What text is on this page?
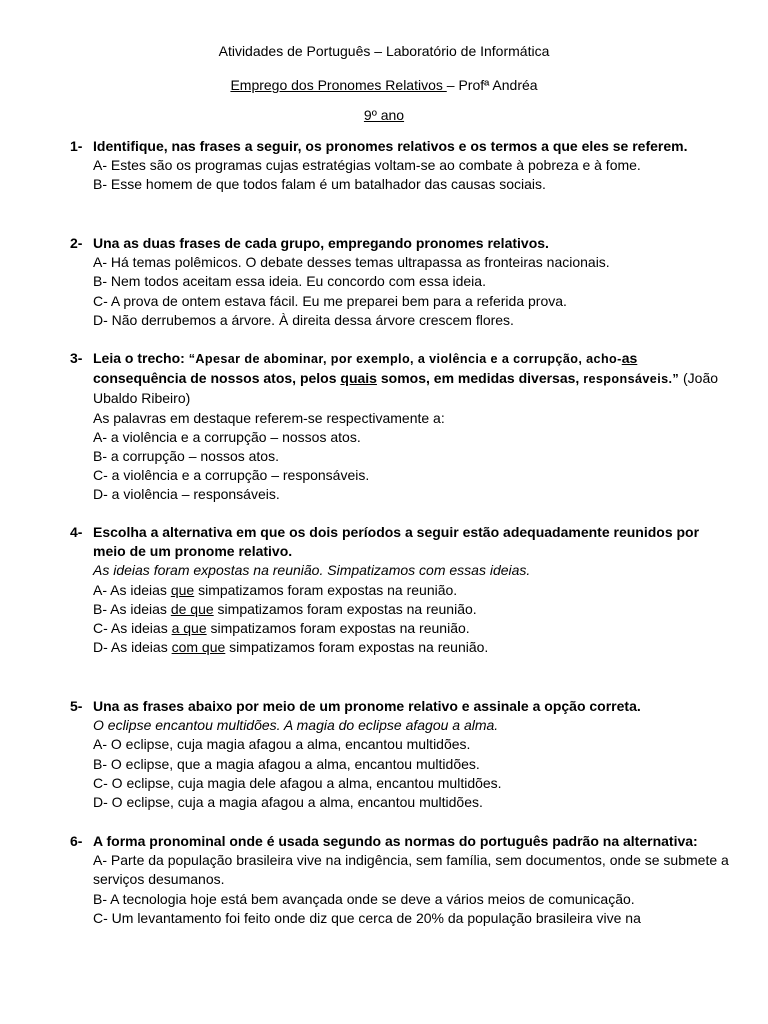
Atividades de Português – Laboratório de Informática

Emprego dos Pronomes Relativos – Profª Andréa

9º ano

1- Identifique, nas frases a seguir, os pronomes relativos e os termos a que eles se referem.

A- Estes são os programas cujas estratégias voltam-se ao combate à pobreza e à fome.

B- Esse homem de que todos falam é um batalhador das causas sociais.

2- Una as duas frases de cada grupo, empregando pronomes relativos.

A- Há temas polêmicos. O debate desses temas ultrapassa as fronteiras nacionais.

B- Nem todos aceitam essa ideia. Eu concordo com essa ideia.

C- A prova de ontem estava fácil. Eu me preparei bem para a referida prova.

D- Não derrubemos a árvore. À direita dessa árvore crescem flores.

3- Leia o trecho: “Apesar de abominar, por exemplo, a violência e a corrupção, acho-as consequência de nossos atos, pelos quais somos, em medidas diversas, responsáveis.” (João Ubaldo Ribeiro)

As palavras em destaque referem-se respectivamente a:

A- a violência e a corrupção – nossos atos.

B- a corrupção – nossos atos.

C- a violência e a corrupção – responsáveis.

D- a violência – responsáveis.

4- Escolha a alternativa em que os dois períodos a seguir estão adequadamente reunidos por meio de um pronome relativo.

As ideias foram expostas na reunião. Simpatizamos com essas ideias.

A- As ideias que simpatizamos foram expostas na reunião.

B- As ideias de que simpatizamos foram expostas na reunião.

C- As ideias a que simpatizamos foram expostas na reunião.

D- As ideias com que simpatizamos foram expostas na reunião.

5- Una as frases abaixo por meio de um pronome relativo e assinale a opção correta.

O eclipse encantou multidões. A magia do eclipse afagou a alma.

A- O eclipse, cuja magia afagou a alma, encantou multidões.

B- O eclipse, que a magia afagou a alma, encantou multidões.

C- O eclipse, cuja magia dele afagou a alma, encantou multidões.

D- O eclipse, cuja a magia afagou a alma, encantou multidões.

6- A forma pronominal onde é usada segundo as normas do português padrão na alternativa:

A- Parte da população brasileira vive na indigência, sem família, sem documentos, onde se submete a serviços desumanos.

B- A tecnologia hoje está bem avançada onde se deve a vários meios de comunicação.

C- Um levantamento foi feito onde diz que cerca de 20% da população brasileira vive na
